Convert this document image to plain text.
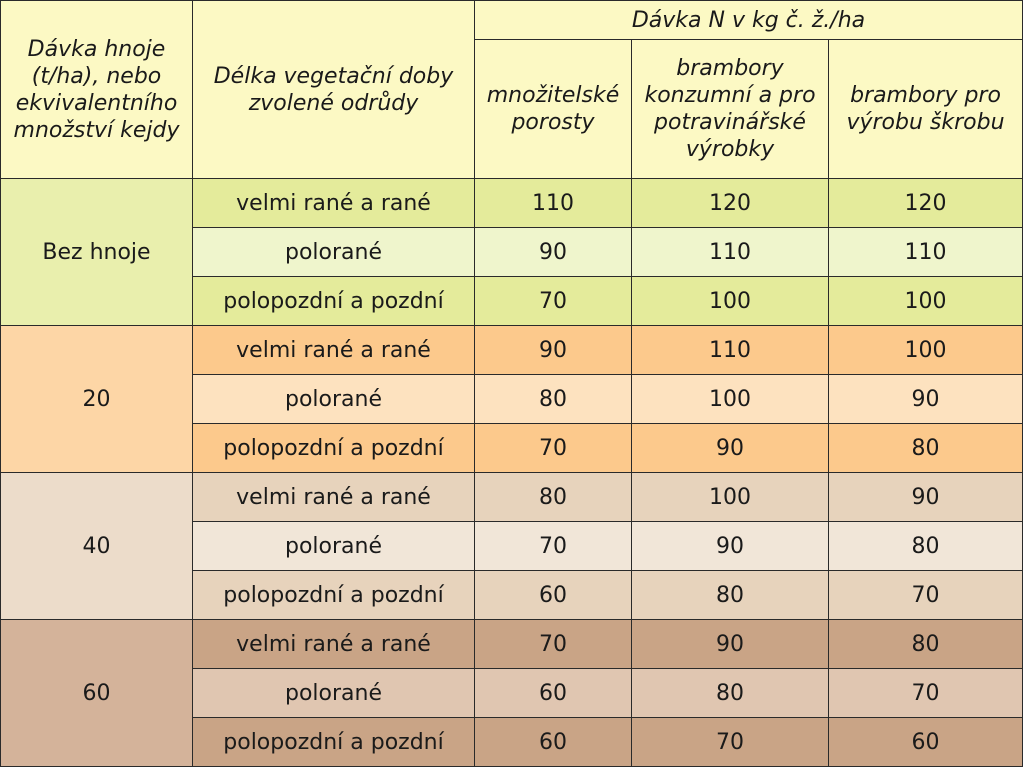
Dávka hnoje (t/ha), nebo ekvivalentního množství kejdy	Délka vegetační doby zvolené odrůdy	Dávka N v kg č. ž./ha		
		množitelské porosty	brambory konzumní a pro potravinářské výrobky	brambory pro výrobu škrobu
Bez hnoje	velmi rané a rané	110	120	120
	polorané	90	110	110
	polopozdní a pozdní	70	100	100
20	velmi rané a rané	90	110	100
	polorané	80	100	90
	polopozdní a pozdní	70	90	80
40	velmi rané a rané	80	100	90
	polorané	70	90	80
	polopozdní a pozdní	60	80	70
60	velmi rané a rané	70	90	80
	polorané	60	80	70
	polopozdní a pozdní	60	70	60
